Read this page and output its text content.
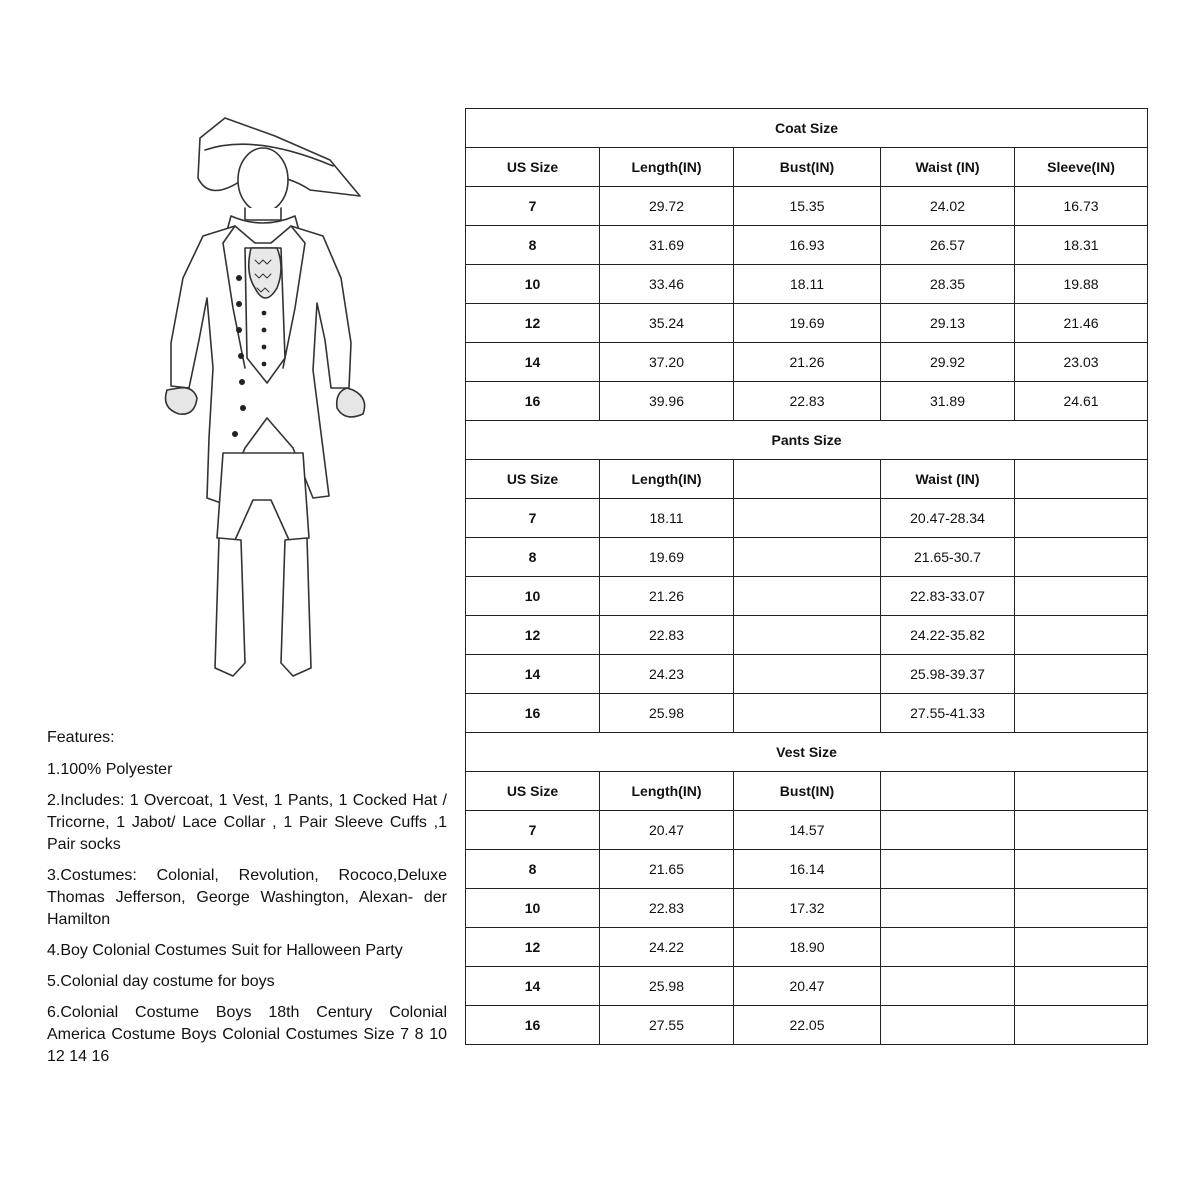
Features:
1.100% Polyester
2.Includes: 1 Overcoat, 1 Vest, 1 Pants, 1 Cocked Hat / Tricorne, 1 Jabot/ Lace Collar , 1 Pair Sleeve Cuffs ,1 Pair socks
3.Costumes: Colonial, Revolution, Rococo,Deluxe Thomas Jefferson, George Washington, Alexan- der Hamilton
4.Boy Colonial Costumes Suit for Halloween Party
5.Colonial day costume for boys
6.Colonial Costume Boys 18th Century Colonial America Costume Boys Colonial Costumes Size 7 8 10 12 14 16
Coat Size				
US Size	Length(IN)	Bust(IN)	Waist (IN)	Sleeve(IN)
7	29.72	15.35	24.02	16.73
8	31.69	16.93	26.57	18.31
10	33.46	18.11	28.35	19.88
12	35.24	19.69	29.13	21.46
14	37.20	21.26	29.92	23.03
16	39.96	22.83	31.89	24.61
Pants Size				
US Size	Length(IN)		Waist (IN)	
7	18.11		20.47-28.34	
8	19.69		21.65-30.7	
10	21.26		22.83-33.07	
12	22.83		24.22-35.82	
14	24.23		25.98-39.37	
16	25.98		27.55-41.33	
Vest Size				
US Size	Length(IN)	Bust(IN)		
7	20.47	14.57		
8	21.65	16.14		
10	22.83	17.32		
12	24.22	18.90		
14	25.98	20.47		
16	27.55	22.05		
